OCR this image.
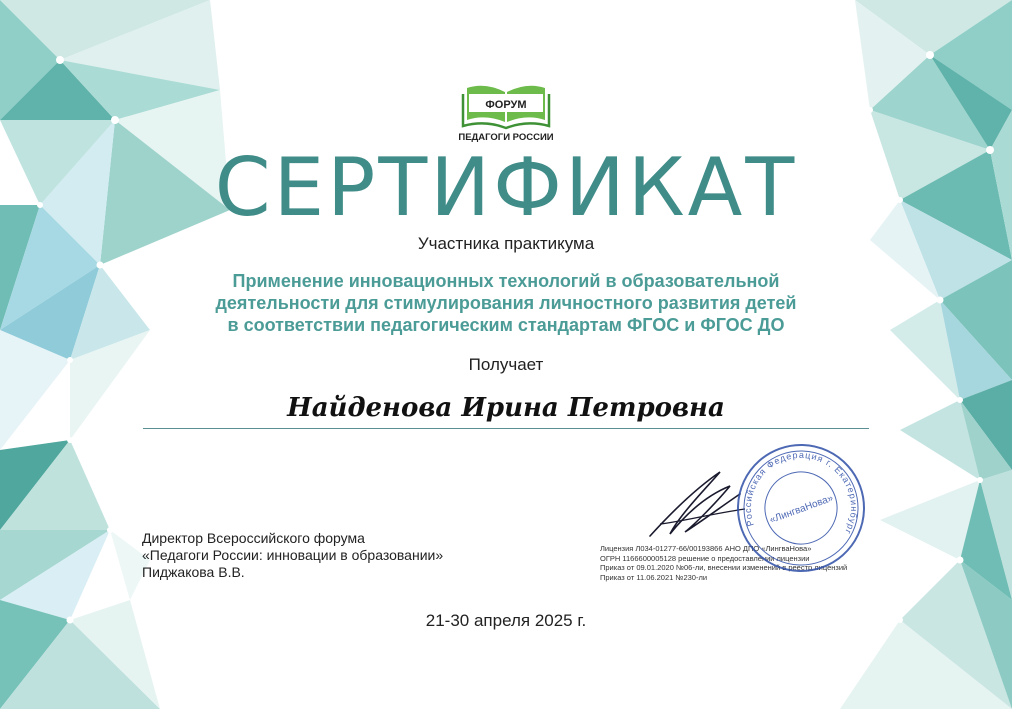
ФОРУМ
ПЕДАГОГИ РОССИИ
СЕРТИФИКАТ
Участника практикума
Применение инновационных технологий в образовательной
деятельности для стимулирования личностного развития детей
в соответствии педагогическим стандартам ФГОС и ФГОС ДО
Получает
Найденова Ирина Петровна
Директор Всероссийского форума
«Педагоги России: инновации в образовании»
Пиджакова В.В.
Лицензия Л034-01277-66/00193866 АНО ДПО «ЛингваНова»
ОГРН 1166600005128 решение о предоставлении лицензии
Приказ от 09.01.2020 №06-ли, внесении изменений в реестр лицензий
Приказ от 11.06.2021 №230-ли
Российская Федерация г. Екатеринбург
«ЛингваНова»
21-30 апреля 2025 г.
